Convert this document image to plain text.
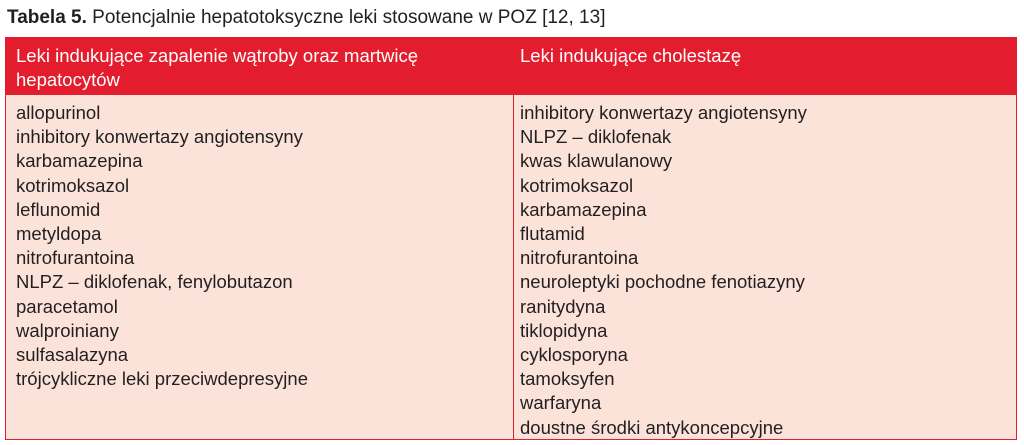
Tabela 5. Potencjalnie hepatotoksyczne leki stosowane w POZ [12, 13]
Leki indukujące zapalenie wątroby oraz martwicę hepatocytów
Leki indukujące cholestazę
allopurinol
inhibitory konwertazy angiotensyny
karbamazepina
kotrimoksazol
leflunomid
metyldopa
nitrofurantoina
NLPZ – diklofenak, fenylobutazon
paracetamol
walproiniany
sulfasalazyna
trójcykliczne leki przeciwdepresyjne
inhibitory konwertazy angiotensyny
NLPZ – diklofenak
kwas klawulanowy
kotrimoksazol
karbamazepina
flutamid
nitrofurantoina
neuroleptyki pochodne fenotiazyny
ranitydyna
tiklopidyna
cyklosporyna
tamoksyfen
warfaryna
doustne środki antykoncepcyjne
